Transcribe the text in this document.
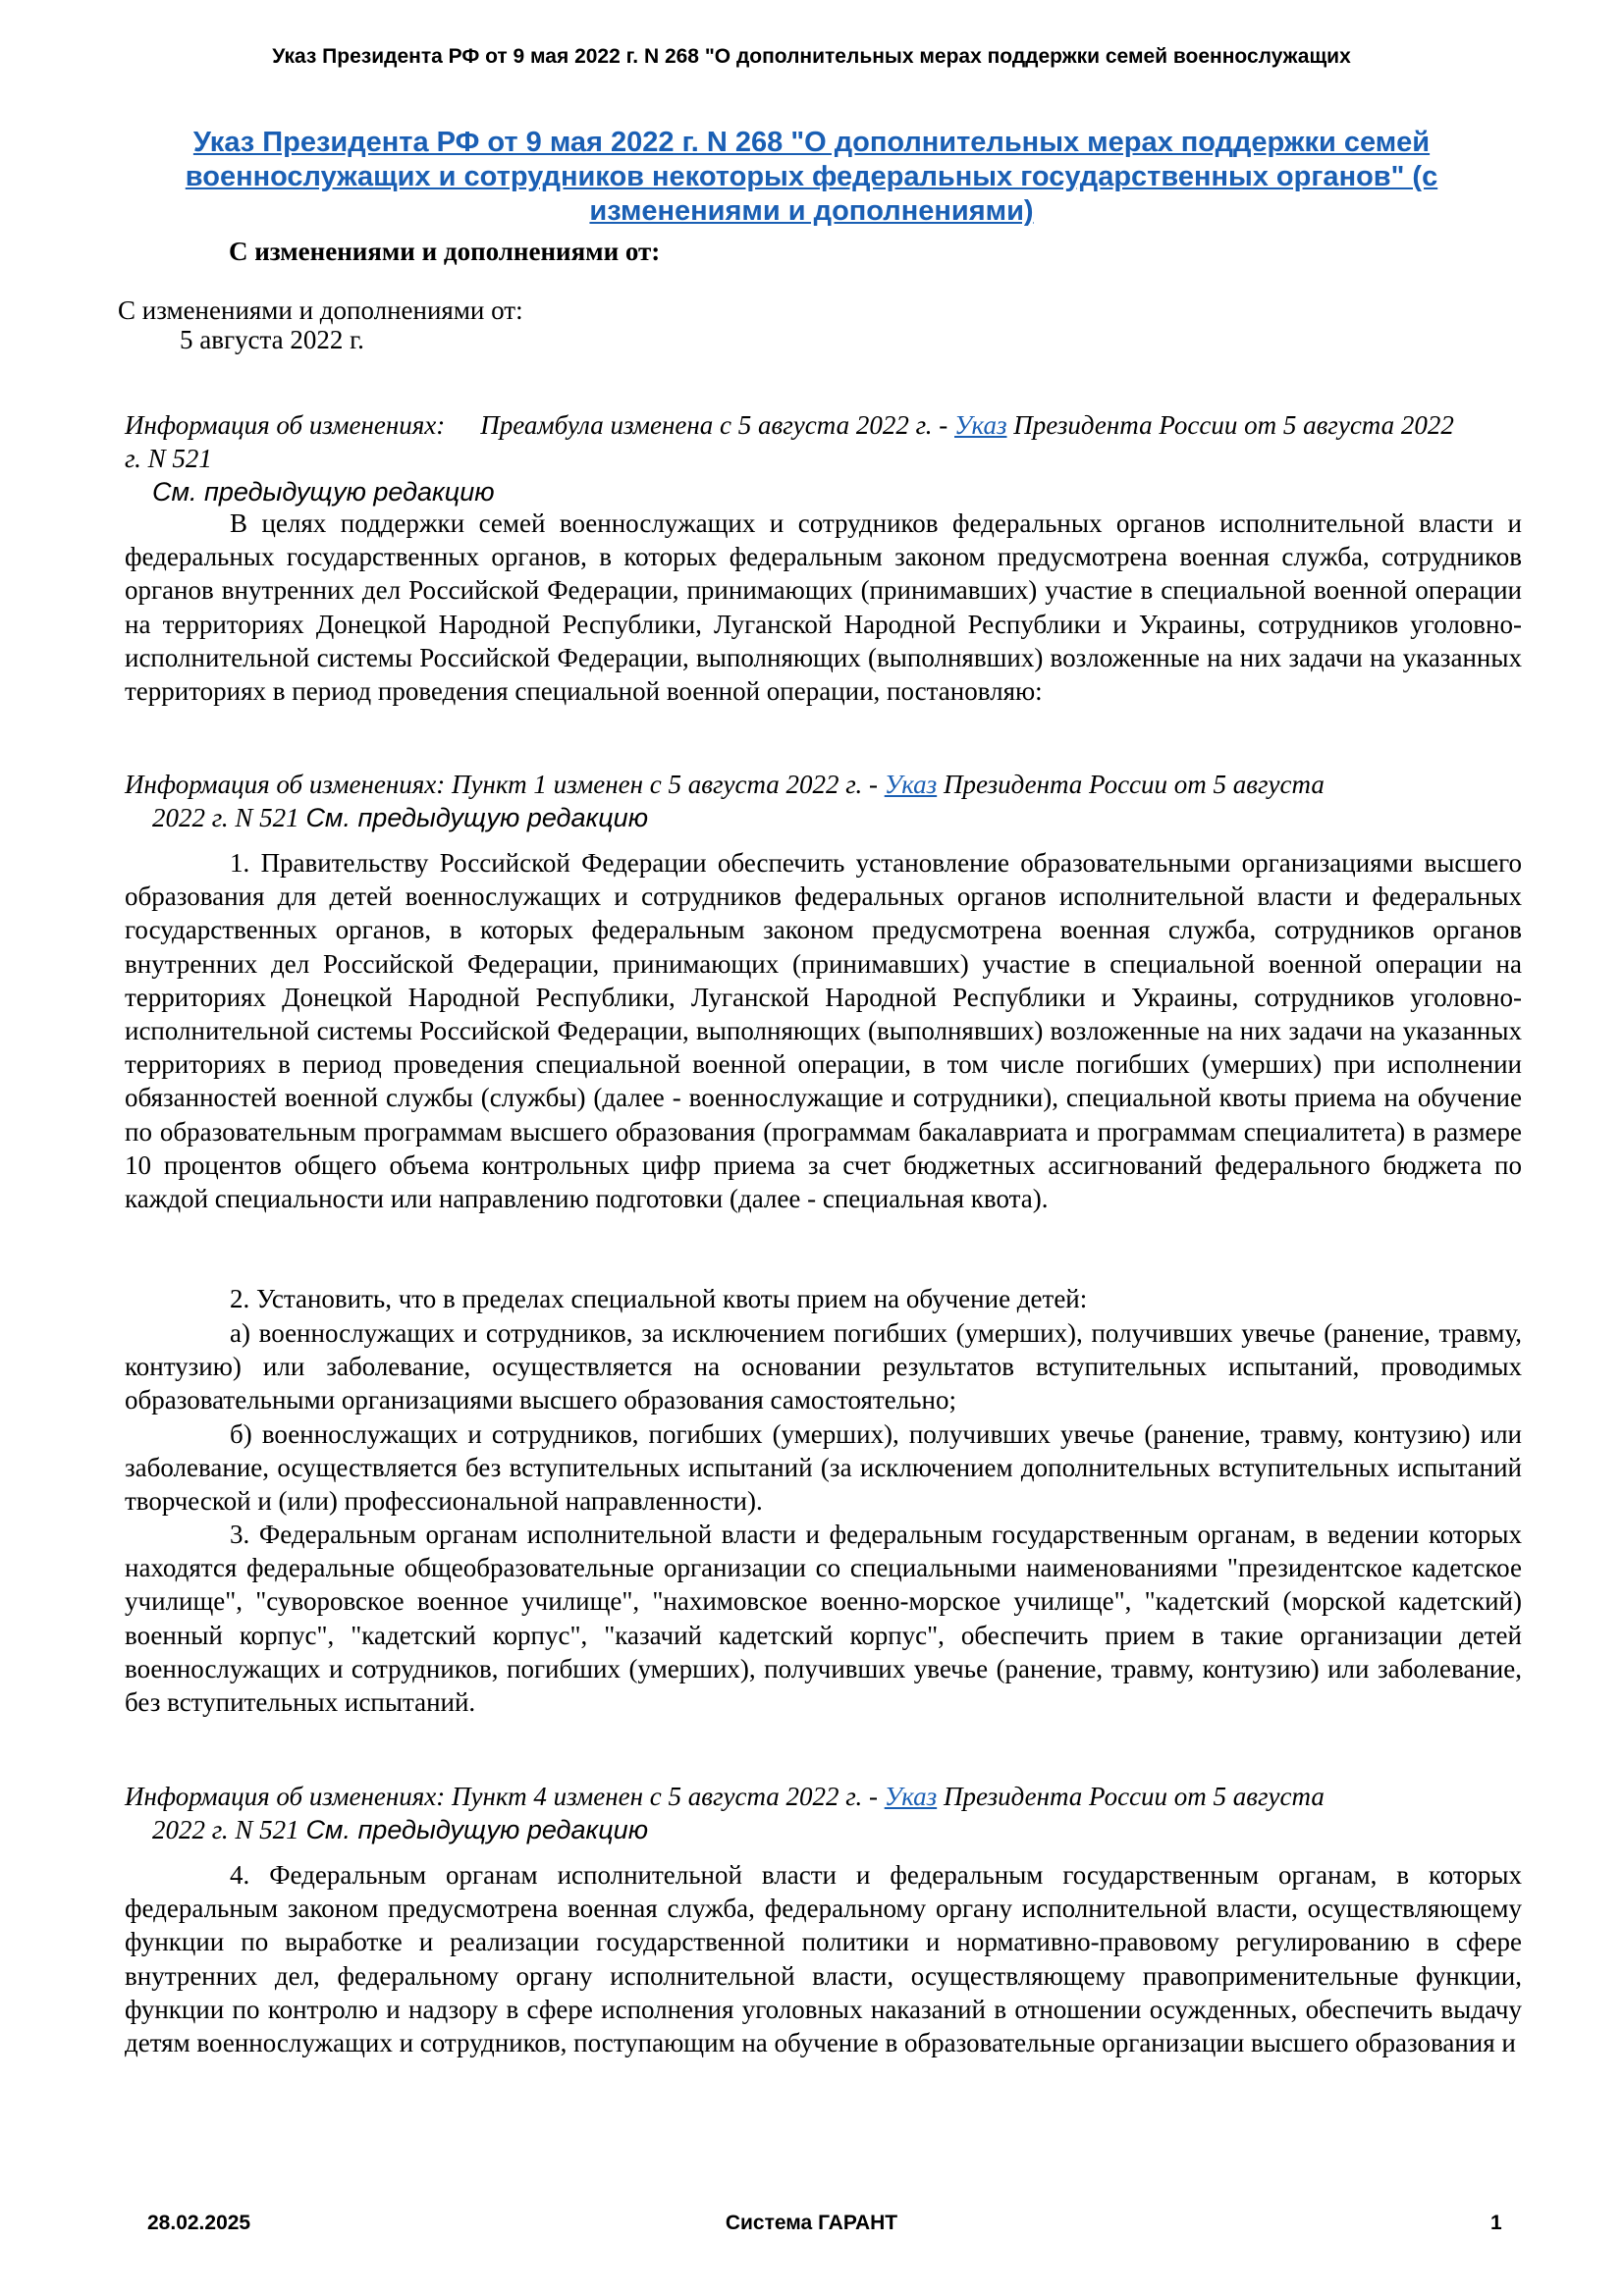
Указ Президента РФ от 9 мая 2022 г. N 268 "О дополнительных мерах поддержки семей военнослужащих
Указ Президента РФ от 9 мая 2022 г. N 268 "О дополнительных мерах поддержки семей военнослужащих и сотрудников некоторых федеральных государственных органов" (с изменениями и дополнениями)
С изменениями и дополнениями от:
С изменениями и дополнениями от:
5 августа 2022 г.
Информация об изменениях: Преамбула изменена с 5 августа 2022 г. - Указ Президента России от 5 августа 2022 г. N 521
См. предыдущую редакцию

В целях поддержки семей военнослужащих и сотрудников федеральных органов исполнительной власти и федеральных государственных органов, в которых федеральным законом предусмотрена военная служба, сотрудников органов внутренних дел Российской Федерации, принимающих (принимавших) участие в специальной военной операции на территориях Донецкой Народной Республики, Луганской Народной Республики и Украины, сотрудников уголовно-исполнительной системы Российской Федерации, выполняющих (выполнявших) возложенные на них задачи на указанных территориях в период проведения специальной военной операции, постановляю:

Информация об изменениях: Пункт 1 изменен с 5 августа 2022 г. - Указ Президента России от 5 августа
2022 г. N 521 См. предыдущую редакцию

1. Правительству Российской Федерации обеспечить установление образовательными организациями высшего образования для детей военнослужащих и сотрудников федеральных органов исполнительной власти и федеральных государственных органов, в которых федеральным законом предусмотрена военная служба, сотрудников органов внутренних дел Российской Федерации, принимающих (принимавших) участие в специальной военной операции на территориях Донецкой Народной Республики, Луганской Народной Республики и Украины, сотрудников уголовно-исполнительной системы Российской Федерации, выполняющих (выполнявших) возложенные на них задачи на указанных территориях в период проведения специальной военной операции, в том числе погибших (умерших) при исполнении обязанностей военной службы (службы) (далее - военнослужащие и сотрудники), специальной квоты приема на обучение по образовательным программам высшего образования (программам бакалавриата и программам специалитета) в размере 10 процентов общего объема контрольных цифр приема за счет бюджетных ассигнований федерального бюджета по каждой специальности или направлению подготовки (далее - специальная квота).

2. Установить, что в пределах специальной квоты прием на обучение детей:

а) военнослужащих и сотрудников, за исключением погибших (умерших), получивших увечье (ранение, травму, контузию) или заболевание, осуществляется на основании результатов вступительных испытаний, проводимых образовательными организациями высшего образования самостоятельно;

б) военнослужащих и сотрудников, погибших (умерших), получивших увечье (ранение, травму, контузию) или заболевание, осуществляется без вступительных испытаний (за исключением дополнительных вступительных испытаний творческой и (или) профессиональной направленности).

3. Федеральным органам исполнительной власти и федеральным государственным органам, в ведении которых находятся федеральные общеобразовательные организации со специальными наименованиями "президентское кадетское училище", "суворовское военное училище", "нахимовское военно-морское училище", "кадетский (морской кадетский) военный корпус", "кадетский корпус", "казачий кадетский корпус", обеспечить прием в такие организации детей военнослужащих и сотрудников, погибших (умерших), получивших увечье (ранение, травму, контузию) или заболевание, без вступительных испытаний.

Информация об изменениях: Пункт 4 изменен с 5 августа 2022 г. - Указ Президента России от 5 августа
2022 г. N 521 См. предыдущую редакцию

4. Федеральным органам исполнительной власти и федеральным государственным органам, в которых федеральным законом предусмотрена военная служба, федеральному органу исполнительной власти, осуществляющему функции по выработке и реализации государственной политики и нормативно-правовому регулированию в сфере внутренних дел, федеральному органу исполнительной власти, осуществляющему правоприменительные функции, функции по контролю и надзору в сфере исполнения уголовных наказаний в отношении осужденных, обеспечить выдачу детям военнослужащих и сотрудников, поступающим на обучение в образовательные организации высшего образования и

28.02.2025	Система ГАРАНТ	1
